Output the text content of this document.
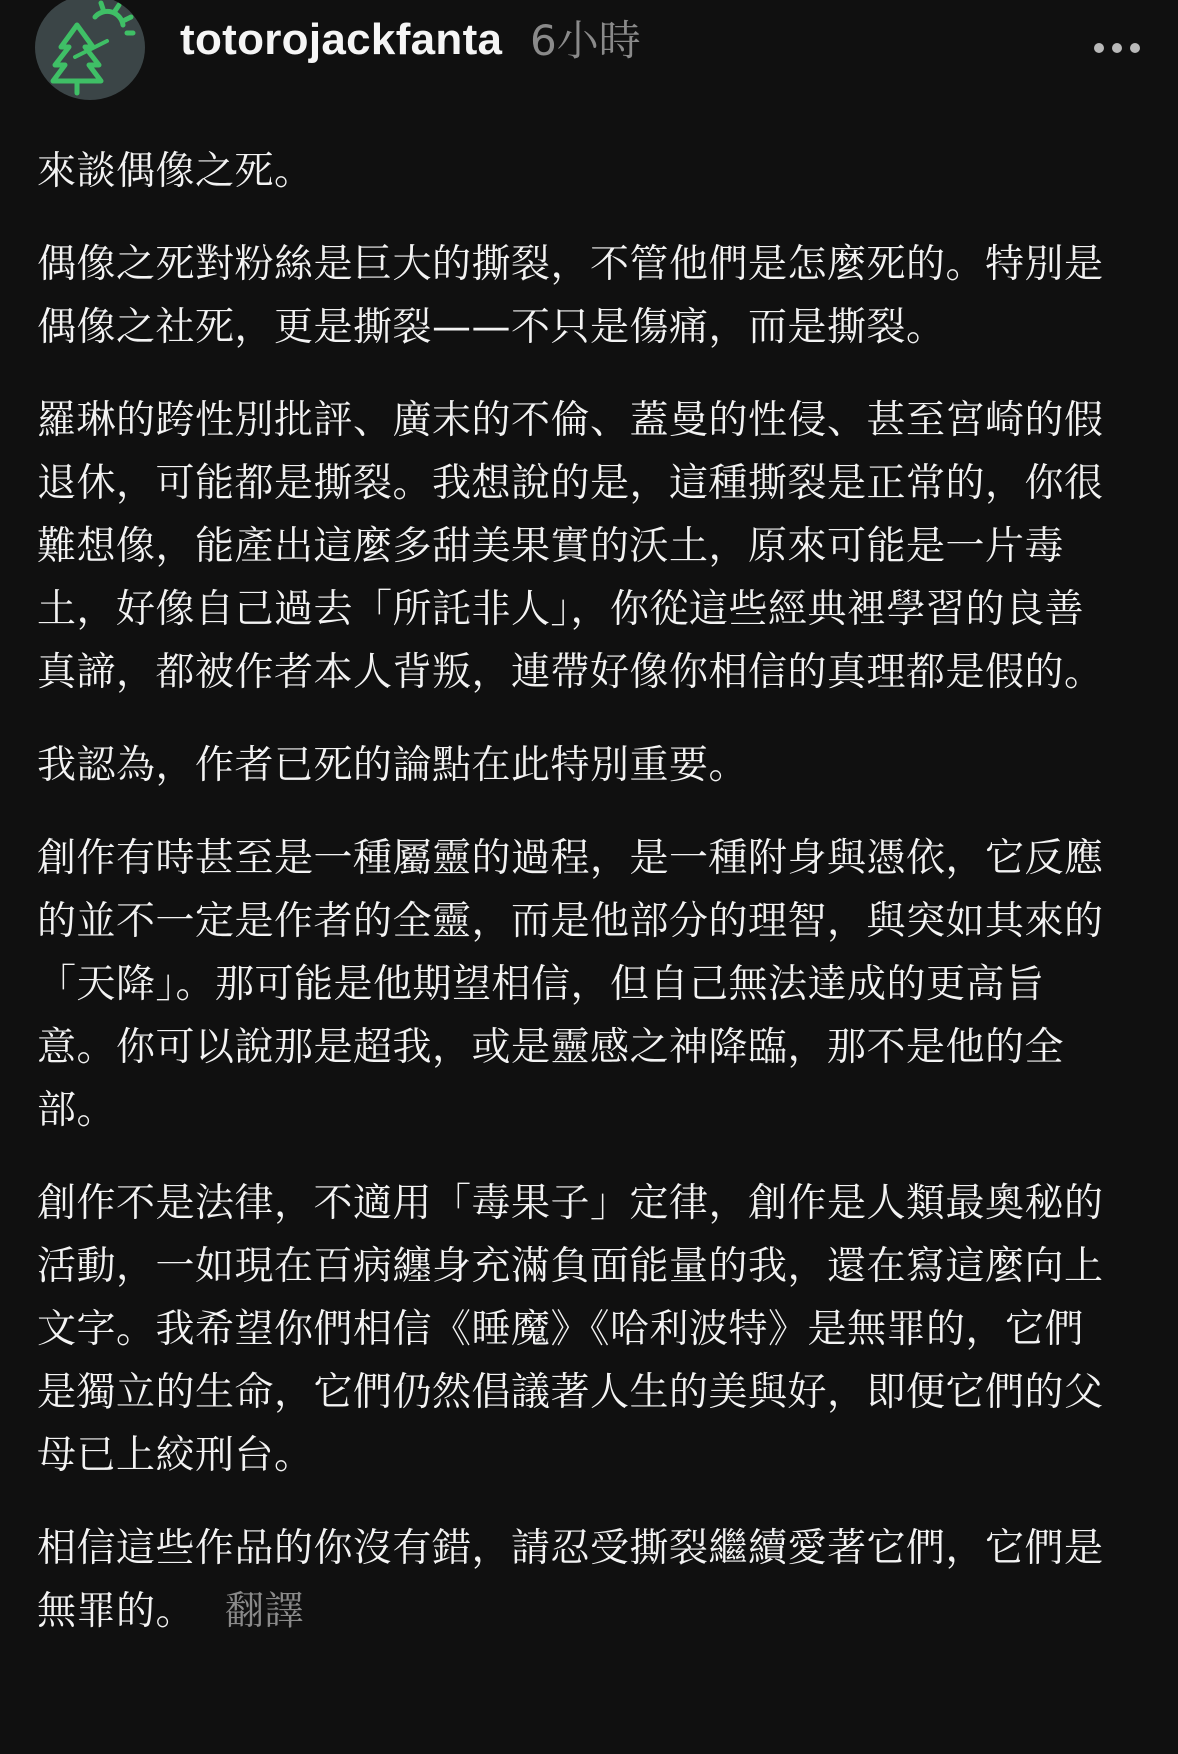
totorojackfanta 6小時

來談偶像之死。

偶像之死對粉絲是巨大的撕裂，不管他們是怎麼死的。特別是偶像之社死，更是撕裂——不只是傷痛，而是撕裂。

羅琳的跨性別批評、廣末的不倫、蓋曼的性侵、甚至宮崎的假退休，可能都是撕裂。我想說的是，這種撕裂是正常的，你很難想像，能產出這麼多甜美果實的沃土，原來可能是一片毒土，好像自己過去「所託非人」，你從這些經典裡學習的良善真諦，都被作者本人背叛，連帶好像你相信的真理都是假的。

我認為，作者已死的論點在此特別重要。

創作有時甚至是一種屬靈的過程，是一種附身與憑依，它反應的並不一定是作者的全靈，而是他部分的理智，與突如其來的「天降」。那可能是他期望相信，但自己無法達成的更高旨意。你可以說那是超我，或是靈感之神降臨，那不是他的全部。

創作不是法律，不適用「毒果子」定律，創作是人類最奧秘的活動，一如現在百病纏身充滿負面能量的我，還在寫這麼向上文字。我希望你們相信《睡魔》《哈利波特》是無罪的，它們是獨立的生命，它們仍然倡議著人生的美與好，即便它們的父母已上絞刑台。

相信這些作品的你沒有錯，請忍受撕裂繼續愛著它們，它們是無罪的。 翻譯
